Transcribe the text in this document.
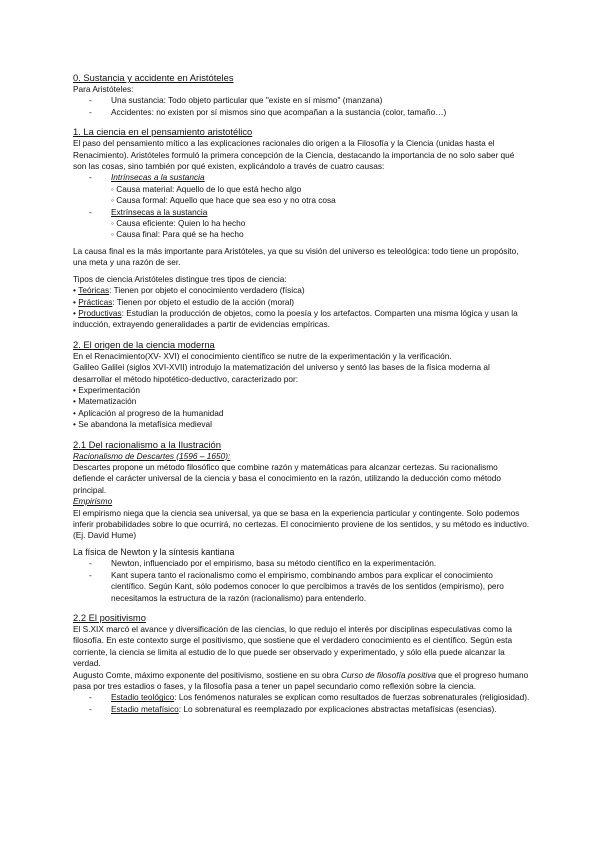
0. Sustancia y accidente en Aristóteles

Para Aristóteles:

- Una sustancia: Todo objeto particular que "existe en sí mismo" (manzana)
- Accidentes: no existen por sí mismos sino que acompañan a la sustancia (color, tamaño…)
1. La ciencia en el pensamiento aristotélico

El paso del pensamiento mítico a las explicaciones racionales dio origen a la Filosofía y la Ciencia (unidas hasta el Renacimiento). Aristóteles formuló la primera concepción de la Ciencia, destacando la importancia de no solo saber qué son las cosas, sino también por qué existen, explicándolo a través de cuatro causas:

- Intrínsecas a la sustancia
◦ Causa material: Aquello de lo que está hecho algo
◦ Causa formal: Aquello que hace que sea eso y no otra cosa
- Extrínsecas a la sustancia
◦ Causa eficiente: Quien lo ha hecho
◦ Causa final: Para qué se ha hecho

La causa final es la más importante para Aristóteles, ya que su visión del universo es teleológica: todo tiene un propósito, una meta y una razón de ser.

Tipos de ciencia Aristóteles distingue tres tipos de ciencia:

• Teóricas: Tienen por objeto el conocimiento verdadero (física)
• Prácticas: Tienen por objeto el estudio de la acción (moral)
• Productivas: Estudian la producción de objetos, como la poesía y los artefactos. Comparten una misma lógica y usan la inducción, extrayendo generalidades a partir de evidencias empíricas.
2. El origen de la ciencia moderna

En el Renacimiento(XV- XVI) el conocimiento científico se nutre de la experimentación y la verificación.

Galileo Galilei (siglos XVI-XVII) introdujo la matematización del universo y sentó las bases de la física moderna al desarrollar el método hipotético-deductivo, caracterizado por:

• Experimentación
• Matematización
• Aplicación al progreso de la humanidad
• Se abandona la metafísica medieval
2.1 Del racionalismo a la Ilustración

Racionalismo de Descartes (1596 – 1650):

Descartes propone un método filosófico que combine razón y matemáticas para alcanzar certezas. Su racionalismo defiende el carácter universal de la ciencia y basa el conocimiento en la razón, utilizando la deducción como método principal.

Empirismo

El empirismo niega que la ciencia sea universal, ya que se basa en la experiencia particular y contingente. Solo podemos inferir probabilidades sobre lo que ocurrirá, no certezas. El conocimiento proviene de los sentidos, y su método es inductivo. (Ej. David Hume)

La física de Newton y la síntesis kantiana
- Newton, influenciado por el empirismo, basa su método científico en la experimentación.
- Kant supera tanto el racionalismo como el empirismo, combinando ambos para explicar el conocimiento científico. Según Kant, sólo podemos conocer lo que percibimos a través de los sentidos (empirismo), pero necesitamos la estructura de la razón (racionalismo) para entenderlo.
2.2 El positivismo

El S.XIX marcó el avance y diversificación de las ciencias, lo que redujo el interés por disciplinas especulativas como la filosofía. En este contexto surge el positivismo, que sostiene que el verdadero conocimiento es el científico. Según esta corriente, la ciencia se limita al estudio de lo que puede ser observado y experimentado, y sólo ella puede alcanzar la verdad.

Augusto Comte, máximo exponente del positivismo, sostiene en su obra Curso de filosofía positiva que el progreso humano pasa por tres estadios o fases, y la filosofía pasa a tener un papel secundario como reflexión sobre la ciencia.

- Estadio teológico: Los fenómenos naturales se explican como resultados de fuerzas sobrenaturales (religiosidad).
- Estadio metafísico: Lo sobrenatural es reemplazado por explicaciones abstractas metafísicas (esencias).
